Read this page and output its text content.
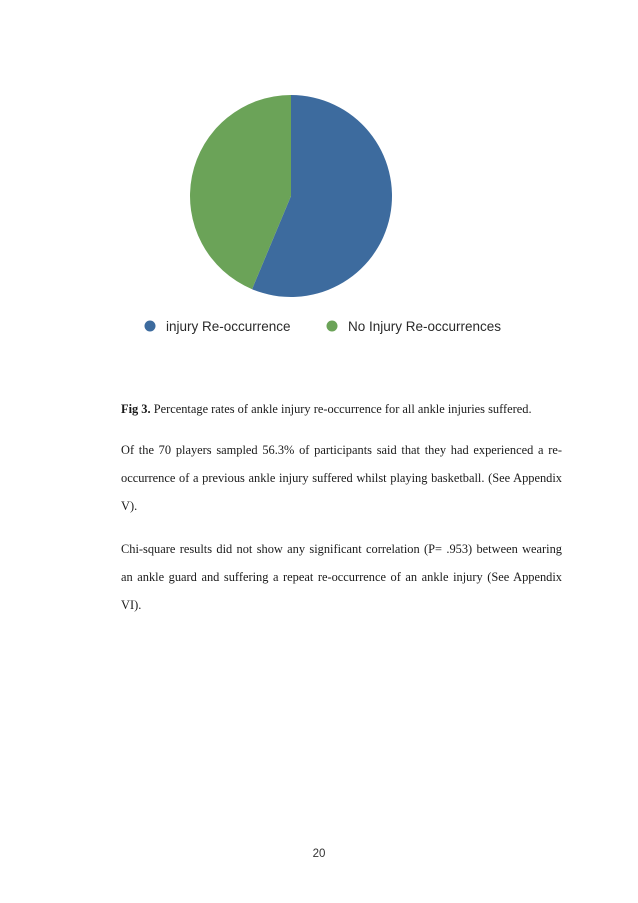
injury Re-occurrence	No Injury Re-occurrences

Fig 3. Percentage rates of ankle injury re-occurrence for all ankle injuries suffered.

Of the 70 players sampled 56.3% of participants said that they had experienced a re-occurrence of a previous ankle injury suffered whilst playing basketball. (See Appendix V).

Chi-square results did not show any significant correlation (P= .953) between wearing an ankle guard and suffering a repeat re-occurrence of an ankle injury (See Appendix VI).

20
